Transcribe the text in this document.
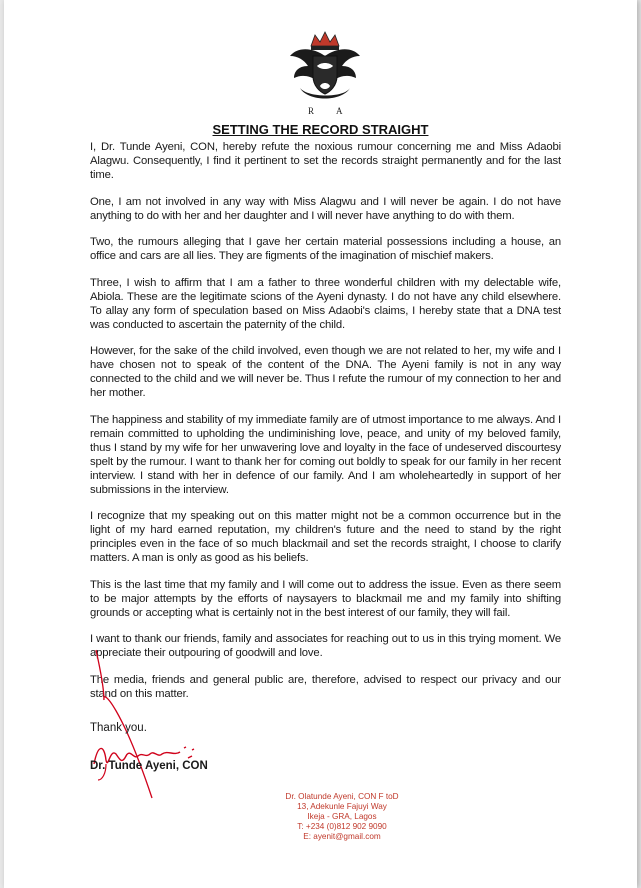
R A
SETTING THE RECORD STRAIGHT

I, Dr. Tunde Ayeni, CON, hereby refute the noxious rumour concerning me and Miss Adaobi Alagwu. Consequently, I find it pertinent to set the records straight permanently and for the last time.

One, I am not involved in any way with Miss Alagwu and I will never be again. I do not have anything to do with her and her daughter and I will never have anything to do with them.

Two, the rumours alleging that I gave her certain material possessions including a house, an office and cars are all lies. They are figments of the imagination of mischief makers.

Three, I wish to affirm that I am a father to three wonderful children with my delectable wife, Abiola. These are the legitimate scions of the Ayeni dynasty. I do not have any child elsewhere. To allay any form of speculation based on Miss Adaobi's claims, I hereby state that a DNA test was conducted to ascertain the paternity of the child.

However, for the sake of the child involved, even though we are not related to her, my wife and I have chosen not to speak of the content of the DNA. The Ayeni family is not in any way connected to the child and we will never be. Thus I refute the rumour of my connection to her and her mother.

The happiness and stability of my immediate family are of utmost importance to me always. And I remain committed to upholding the undiminishing love, peace, and unity of my beloved family, thus I stand by my wife for her unwavering love and loyalty in the face of undeserved discourtesy spelt by the rumour. I want to thank her for coming out boldly to speak for our family in her recent interview. I stand with her in defence of our family. And I am wholeheartedly in support of her submissions in the interview.

I recognize that my speaking out on this matter might not be a common occurrence but in the light of my hard earned reputation, my children's future and the need to stand by the right principles even in the face of so much blackmail and set the records straight, I choose to clarify matters. A man is only as good as his beliefs.

This is the last time that my family and I will come out to address the issue. Even as there seem to be major attempts by the efforts of naysayers to blackmail me and my family into shifting grounds or accepting what is certainly not in the best interest of our family, they will fail.

I want to thank our friends, family and associates for reaching out to us in this trying moment. We appreciate their outpouring of goodwill and love.

The media, friends and general public are, therefore, advised to respect our privacy and our stand on this matter.

Thank you.
Dr. Tunde Ayeni, CON
Dr. Olatunde Ayeni, CON F toD
13, Adekunle Fajuyi Way
Ikeja - GRA, Lagos
T: +234 (0)812 902 9090
E: ayenit@gmail.com
